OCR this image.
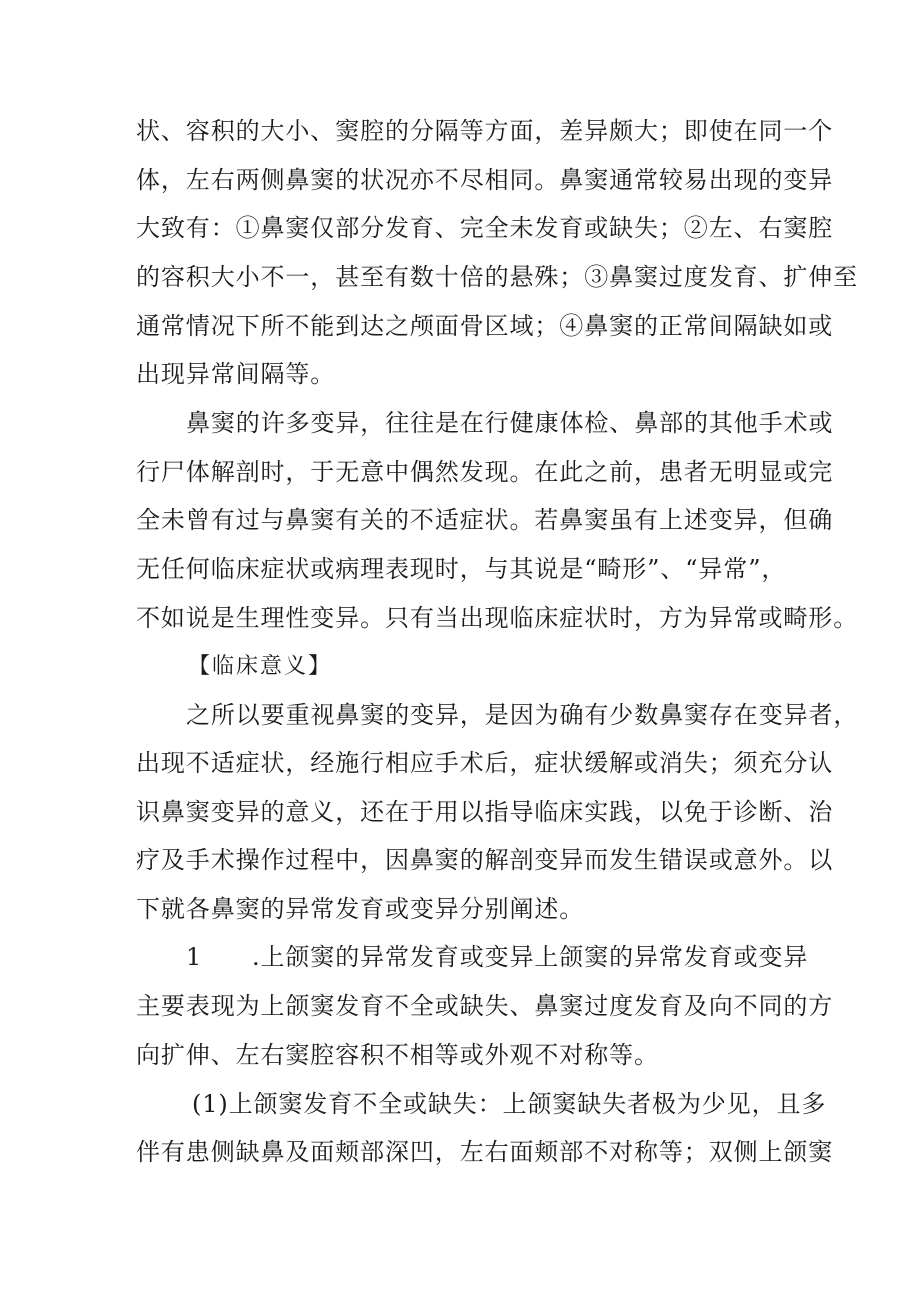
状、容积的大小、窦腔的分隔等方面，差异颇大；即使在同一个
体，左右两侧鼻窦的状况亦不尽相同。鼻窦通常较易出现的变异
大致有：①鼻窦仅部分发育、完全未发育或缺失；②左、右窦腔
的容积大小不一，甚至有数十倍的悬殊；③鼻窦过度发育、扩伸至
通常情况下所不能到达之颅面骨区域；④鼻窦的正常间隔缺如或
出现异常间隔等。
鼻窦的许多变异，往往是在行健康体检、鼻部的其他手术或
行尸体解剖时，于无意中偶然发现。在此之前，患者无明显或完
全未曾有过与鼻窦有关的不适症状。若鼻窦虽有上述变异，但确
无任何临床症状或病理表现时，与其说是“畸形”、“异常”，
不如说是生理性变异。只有当出现临床症状时，方为异常或畸形。
【临床意义】
之所以要重视鼻窦的变异，是因为确有少数鼻窦存在变异者，
出现不适症状，经施行相应手术后，症状缓解或消失；须充分认
识鼻窦变异的意义，还在于用以指导临床实践，以免于诊断、治
疗及手术操作过程中，因鼻窦的解剖变异而发生错误或意外。以
下就各鼻窦的异常发育或变异分别阐述。
1　　.上颌窦的异常发育或变异上颌窦的异常发育或变异
主要表现为上颌窦发育不全或缺失、鼻窦过度发育及向不同的方
向扩伸、左右窦腔容积不相等或外观不对称等。
(1)上颌窦发育不全或缺失：上颌窦缺失者极为少见，且多
伴有患侧缺鼻及面颊部深凹，左右面颊部不对称等；双侧上颌窦
